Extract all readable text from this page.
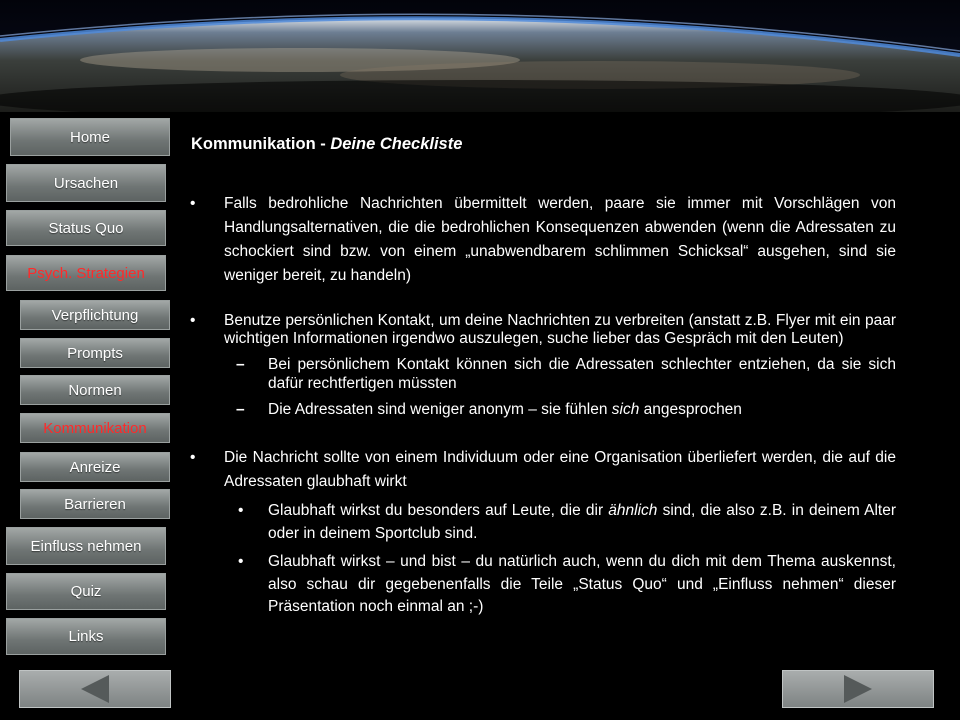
Home
Ursachen
Status Quo
Psych. Strategien
Verpflichtung
Prompts
Normen
Kommunikation
Anreize
Barrieren
Einfluss nehmen
Quiz
Links
Kommunikation - Deine Checkliste
• Falls bedrohliche Nachrichten übermittelt werden, paare sie immer mit Vorschlägen von Handlungsalternativen, die die bedrohlichen Konsequenzen abwenden (wenn die Adressaten zu schockiert sind bzw. von einem „unabwendbarem schlimmen Schicksal“ ausgehen, sind sie weniger bereit, zu handeln)
• Benutze persönlichen Kontakt, um deine Nachrichten zu verbreiten (anstatt z.B. Flyer mit ein paar wichtigen Informationen irgendwo auszulegen, suche lieber das Gespräch mit den Leuten)
– Bei persönlichem Kontakt können sich die Adressaten schlechter entziehen, da sie sich dafür rechtfertigen müssten
– Die Adressaten sind weniger anonym – sie fühlen sich angesprochen
• Die Nachricht sollte von einem Individuum oder eine Organisation überliefert werden, die auf die Adressaten glaubhaft wirkt
• Glaubhaft wirkst du besonders auf Leute, die dir ähnlich sind, die also z.B. in deinem Alter oder in deinem Sportclub sind.
• Glaubhaft wirkst – und bist – du natürlich auch, wenn du dich mit dem Thema auskennst, also schau dir gegebenenfalls die Teile „Status Quo“ und „Einfluss nehmen“ dieser Präsentation noch einmal an ;-)
